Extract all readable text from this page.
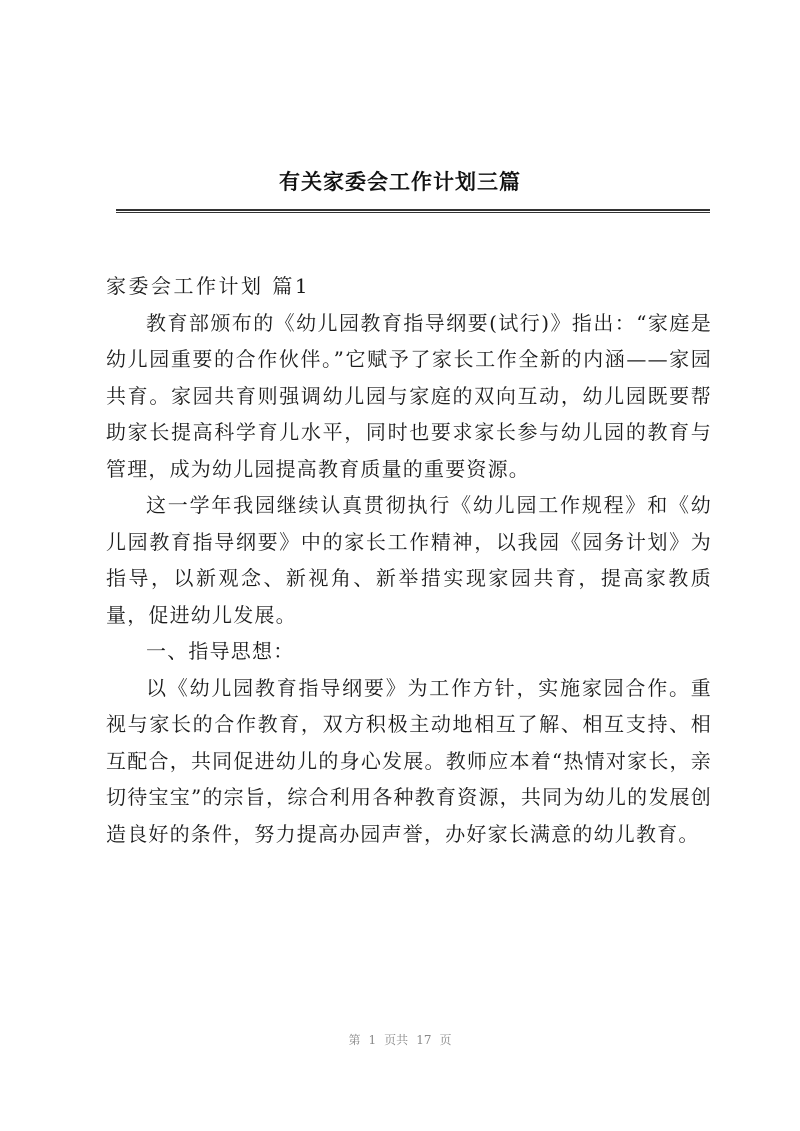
有关家委会工作计划三篇

家委会工作计划 篇1

教育部颁布的《幼儿园教育指导纲要(试行)》指出：“家庭是幼儿园重要的合作伙伴。”它赋予了家长工作全新的内涵——家园共育。家园共育则强调幼儿园与家庭的双向互动，幼儿园既要帮助家长提高科学育儿水平，同时也要求家长参与幼儿园的教育与管理，成为幼儿园提高教育质量的重要资源。

这一学年我园继续认真贯彻执行《幼儿园工作规程》和《幼儿园教育指导纲要》中的家长工作精神，以我园《园务计划》为指导，以新观念、新视角、新举措实现家园共育，提高家教质量，促进幼儿发展。

一、指导思想：

以《幼儿园教育指导纲要》为工作方针，实施家园合作。重视与家长的合作教育，双方积极主动地相互了解、相互支持、相互配合，共同促进幼儿的身心发展。教师应本着“热情对家长，亲切待宝宝”的宗旨，综合利用各种教育资源，共同为幼儿的发展创造良好的条件，努力提高办园声誉，办好家长满意的幼儿教育。

第 1 页共 17 页
